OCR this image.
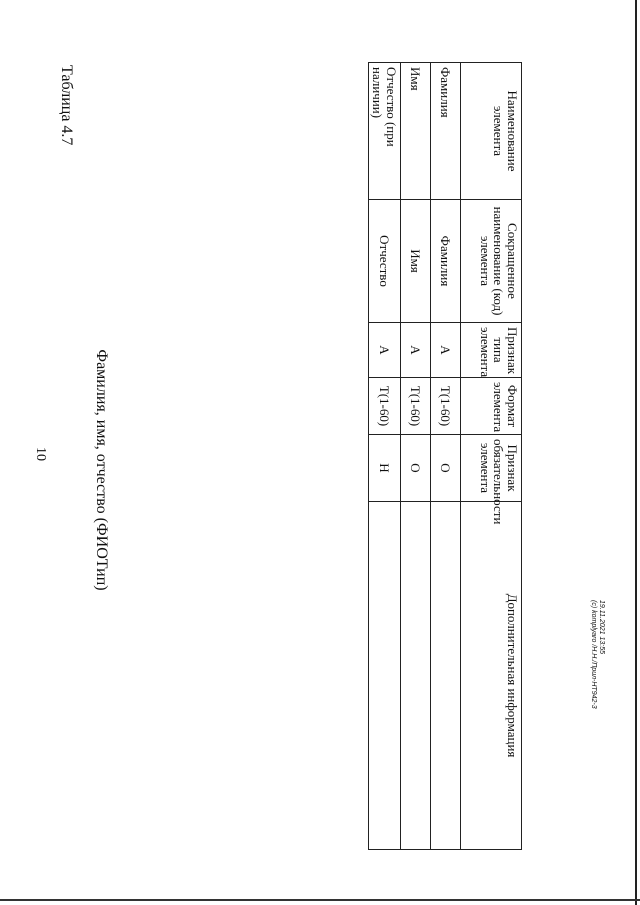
10
Таблица 4.7
Фамилия, имя, отчество (ФИОТип)
Наименование элемента	Сокращенное наименование (код) элемента	Признак типа элемента	Формат элемента	Признак обязательности элемента	Дополнительная информация
Фамилия	Фамилия	А	T(1-60)	О	
Имя	Имя	А	T(1-60)	О	
Отчество (при наличии)	Отчество	А	T(1-60)	Н	
19.11.2021 13:55
(c) komplyaro /Н.Н./Прил-НТ942-3
